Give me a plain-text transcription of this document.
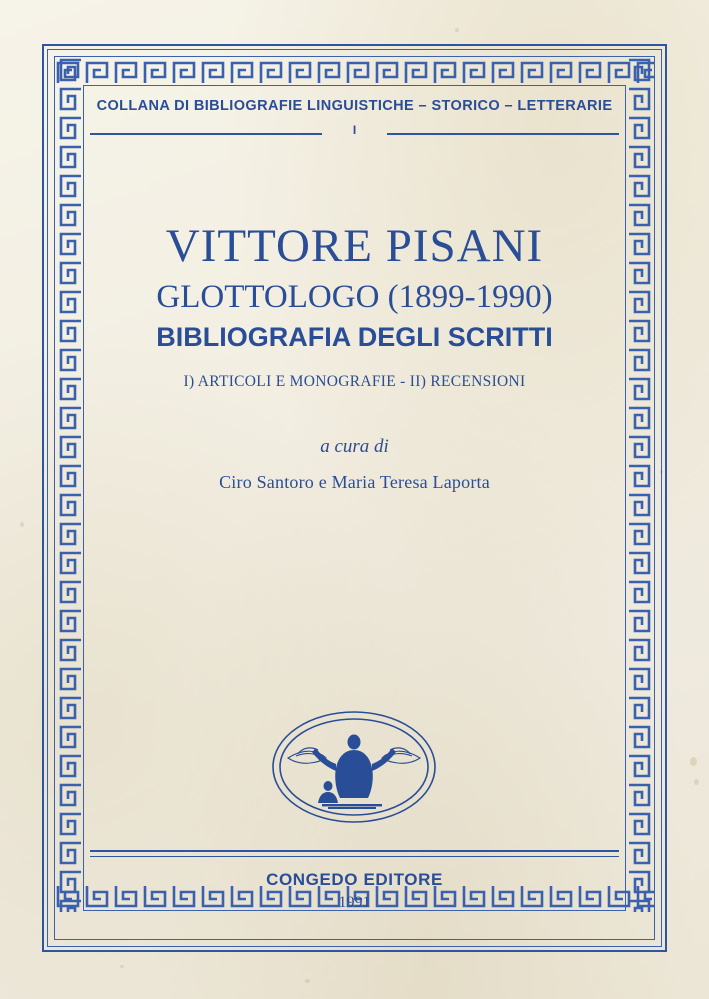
COLLANA DI BIBLIOGRAFIE LINGUISTICHE – STORICO – LETTERARIE
I
VITTORE PISANI
GLOTTOLOGO (1899-1990)
BIBLIOGRAFIA DEGLI SCRITTI
I) ARTICOLI E MONOGRAFIE - II) RECENSIONI
a cura di
Ciro Santoro e Maria Teresa Laporta
CONGEDO EDITORE
1991
